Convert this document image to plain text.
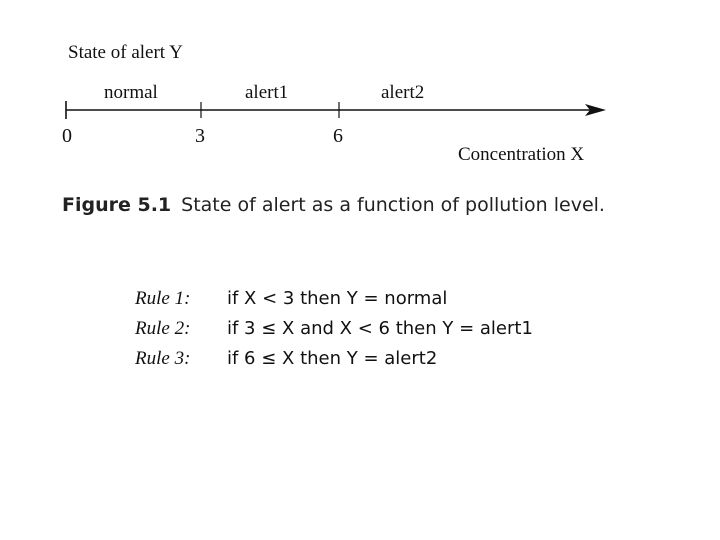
State of alert Y
normal	alert1	alert2
0	3	6
Concentration X
Figure 5.1 State of alert as a function of pollution level.
Rule 1: if X < 3 then Y = normal
Rule 2: if 3 ≤ X and X < 6 then Y = alert1
Rule 3: if 6 ≤ X then Y = alert2
